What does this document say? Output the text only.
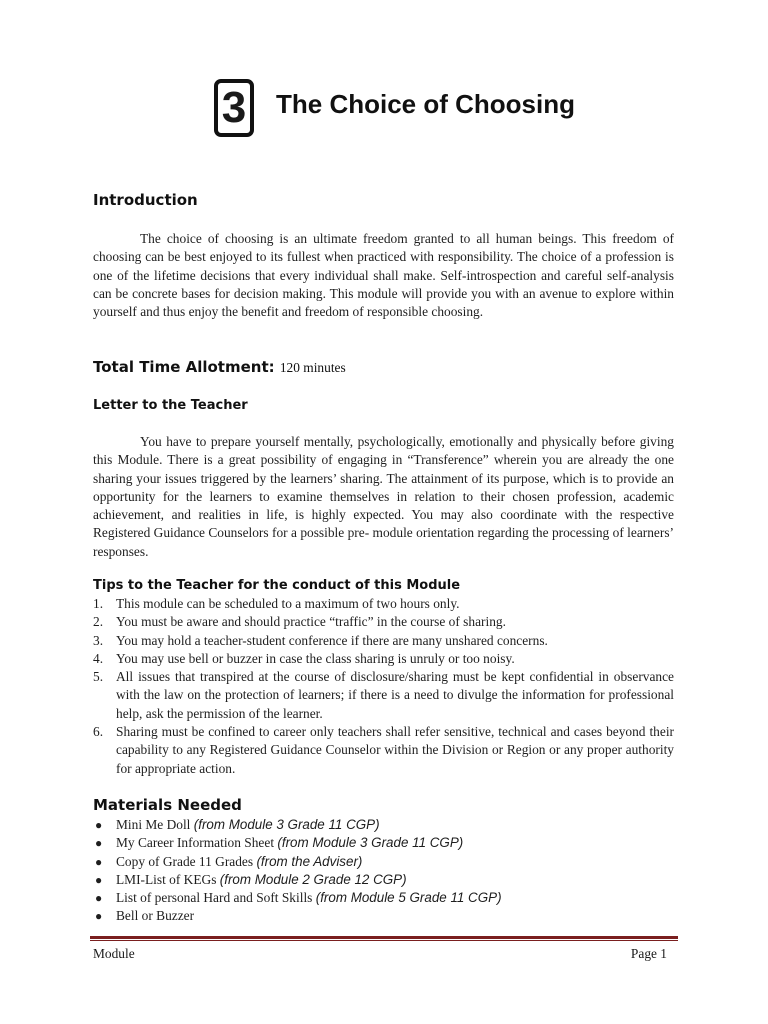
3 The Choice of Choosing
Introduction

The choice of choosing is an ultimate freedom granted to all human beings. This freedom of choosing can be best enjoyed to its fullest when practiced with responsibility. The choice of a profession is one of the lifetime decisions that every individual shall make. Self-introspection and careful self-analysis can be concrete bases for decision making. This module will provide you with an avenue to explore within yourself and thus enjoy the benefit and freedom of responsible choosing.

Total Time Allotment: 120 minutes
Letter to the Teacher

You have to prepare yourself mentally, psychologically, emotionally and physically before giving this Module. There is a great possibility of engaging in “Transference” wherein you are already the one sharing your issues triggered by the learners’ sharing. The attainment of its purpose, which is to provide an opportunity for the learners to examine themselves in relation to their chosen profession, academic achievement, and realities in life, is highly expected. You may also coordinate with the respective Registered Guidance Counselors for a possible pre- module orientation regarding the processing of learners’ responses.

Tips to the Teacher for the conduct of this Module
1. This module can be scheduled to a maximum of two hours only.
2. You must be aware and should practice “traffic” in the course of sharing.
3. You may hold a teacher-student conference if there are many unshared concerns.
4. You may use bell or buzzer in case the class sharing is unruly or too noisy.
5. All issues that transpired at the course of disclosure/sharing must be kept confidential in observance with the law on the protection of learners; if there is a need to divulge the information for professional help, ask the permission of the learner.
6. Sharing must be confined to career only teachers shall refer sensitive, technical and cases beyond their capability to any Registered Guidance Counselor within the Division or Region or any proper authority for appropriate action.
Materials Needed
● Mini Me Doll (from Module 3 Grade 11 CGP)
● My Career Information Sheet (from Module 3 Grade 11 CGP)
● Copy of Grade 11 Grades (from the Adviser)
● LMI-List of KEGs (from Module 2 Grade 12 CGP)
● List of personal Hard and Soft Skills (from Module 5 Grade 11 CGP)
● Bell or Buzzer
Module	Page 1
